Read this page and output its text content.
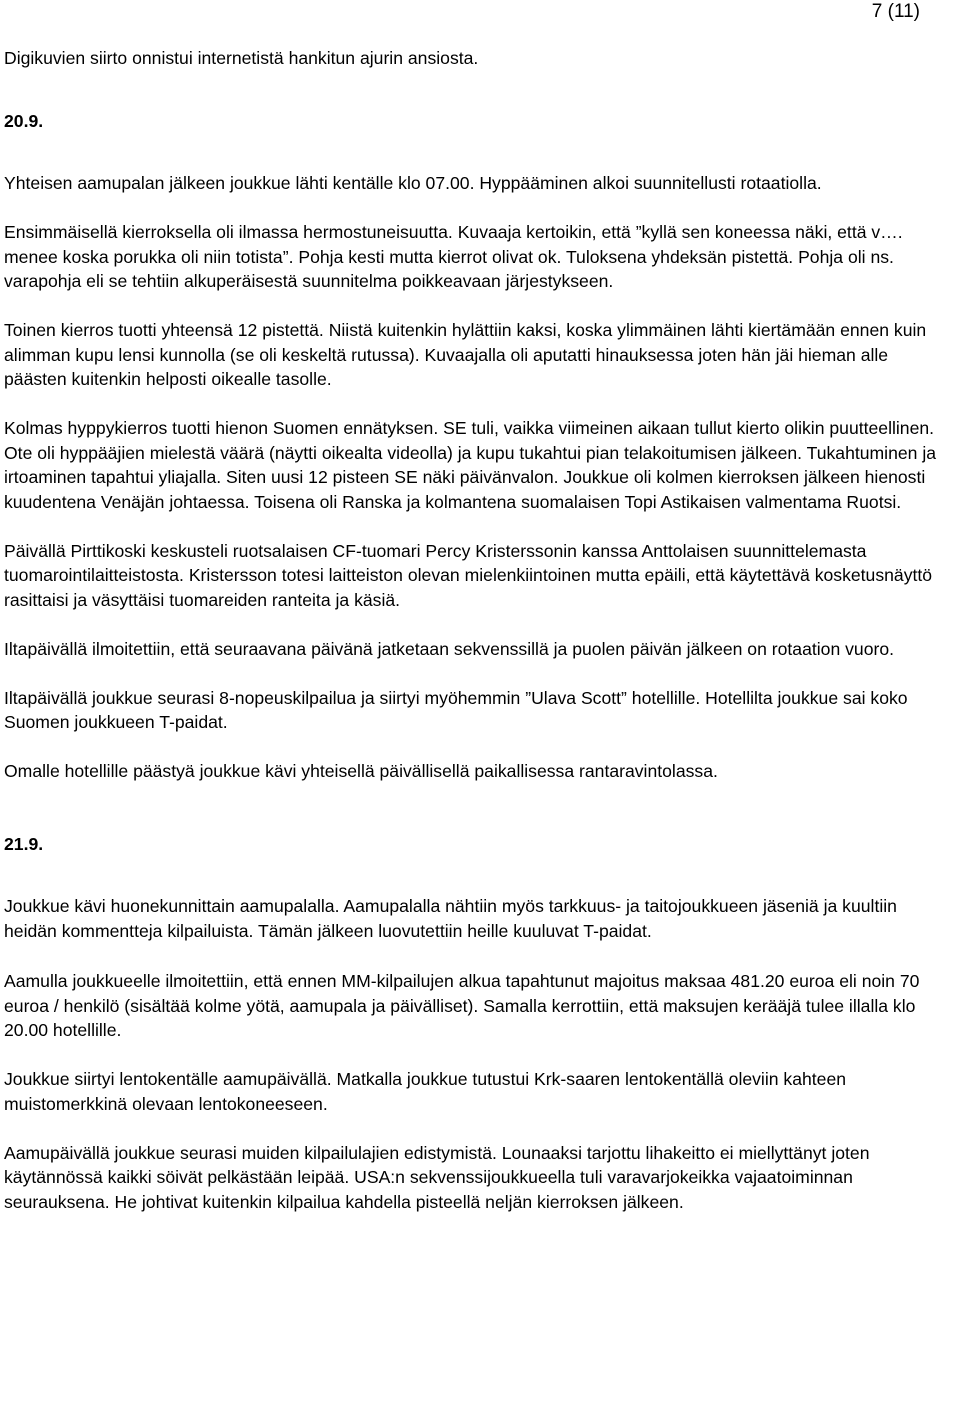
7 (11)

Digikuvien siirto onnistui internetistä hankitun ajurin ansiosta.

20.9.

Yhteisen aamupalan jälkeen joukkue lähti kentälle klo 07.00. Hyppääminen alkoi suunnitellusti rotaatiolla.

Ensimmäisellä kierroksella oli ilmassa hermostuneisuutta. Kuvaaja kertoikin, että ”kyllä sen koneessa näki, että v…. menee koska porukka oli niin totista”. Pohja kesti mutta kierrot olivat ok. Tuloksena yhdeksän pistettä. Pohja oli ns. varapohja eli se tehtiin alkuperäisestä suunnitelma poikkeavaan järjestykseen.

Toinen kierros tuotti yhteensä 12 pistettä. Niistä kuitenkin hylättiin kaksi, koska ylimmäinen lähti kiertämään ennen kuin alimman kupu lensi kunnolla (se oli keskeltä rutussa). Kuvaajalla oli aputatti hinauksessa joten hän jäi hieman alle päästen kuitenkin helposti oikealle tasolle.

Kolmas hyppykierros tuotti hienon Suomen ennätyksen. SE tuli, vaikka viimeinen aikaan tullut kierto olikin puutteellinen. Ote oli hyppääjien mielestä väärä (näytti oikealta videolla) ja kupu tukahtui pian telakoitumisen jälkeen. Tukahtuminen ja irtoaminen tapahtui yliajalla. Siten uusi 12 pisteen SE näki päivänvalon. Joukkue oli kolmen kierroksen jälkeen hienosti kuudentena Venäjän johtaessa. Toisena oli Ranska ja kolmantena suomalaisen Topi Astikaisen valmentama Ruotsi.

Päivällä Pirttikoski keskusteli ruotsalaisen CF-tuomari Percy Kristerssonin kanssa Anttolaisen suunnittelemasta tuomarointilaitteistosta. Kristersson totesi laitteiston olevan mielenkiintoinen mutta epäili, että käytettävä kosketusnäyttö rasittaisi ja väsyttäisi tuomareiden ranteita ja käsiä.

Iltapäivällä ilmoitettiin, että seuraavana päivänä jatketaan sekvenssillä ja puolen päivän jälkeen on rotaation vuoro.

Iltapäivällä joukkue seurasi 8-nopeuskilpailua ja siirtyi myöhemmin ”Ulava Scott” hotellille. Hotellilta joukkue sai koko Suomen joukkueen T-paidat.

Omalle hotellille päästyä joukkue kävi yhteisellä päivällisellä paikallisessa rantaravintolassa.

21.9.

Joukkue kävi huonekunnittain aamupalalla. Aamupalalla nähtiin myös tarkkuus- ja taitojoukkueen jäseniä ja kuultiin heidän kommentteja kilpailuista. Tämän jälkeen luovutettiin heille kuuluvat T-paidat.

Aamulla joukkueelle ilmoitettiin, että ennen MM-kilpailujen alkua tapahtunut majoitus maksaa 481.20 euroa eli noin 70 euroa / henkilö (sisältää kolme yötä, aamupala ja päivälliset). Samalla kerrottiin, että maksujen kerääjä tulee illalla klo 20.00 hotellille.

Joukkue siirtyi lentokentälle aamupäivällä. Matkalla joukkue tutustui Krk-saaren lentokentällä oleviin kahteen muistomerkkinä olevaan lentokoneeseen.

Aamupäivällä joukkue seurasi muiden kilpailulajien edistymistä. Lounaaksi tarjottu lihakeitto ei miellyttänyt joten käytännössä kaikki söivät pelkästään leipää. USA:n sekvenssijoukkueella tuli varavarjokeikka vajaatoiminnan seurauksena. He johtivat kuitenkin kilpailua kahdella pisteellä neljän kierroksen jälkeen.
